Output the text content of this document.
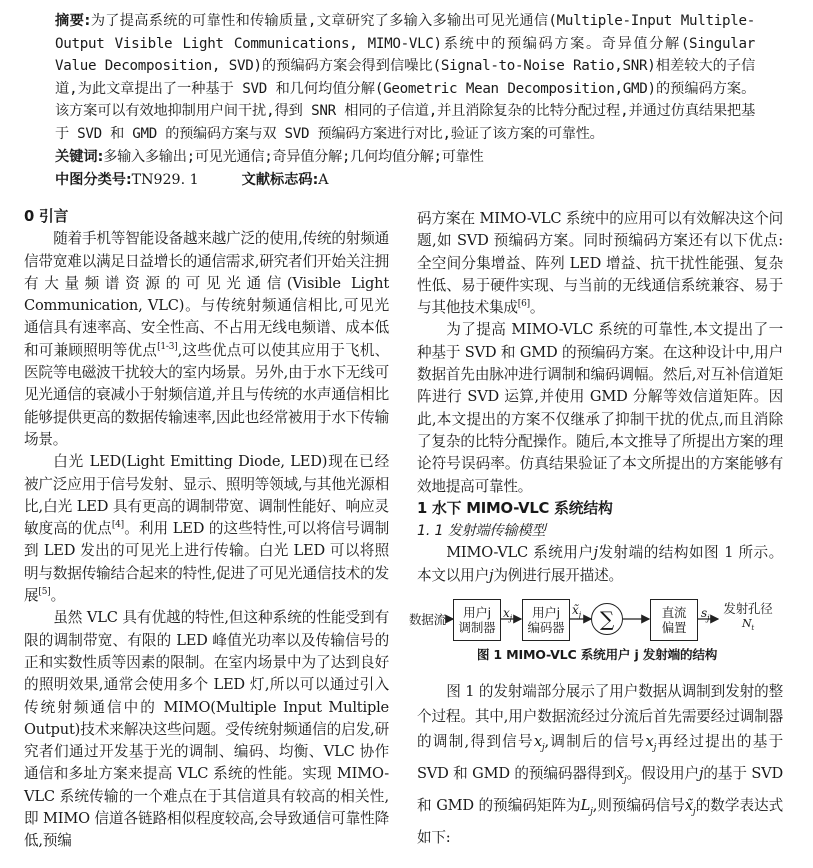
摘要:为了提高系统的可靠性和传输质量,文章研究了多输入多输出可见光通信(Multiple-Input Multiple-Output Visible Light Communications, MIMO-VLC)系统中的预编码方案。奇异值分解(Singular Value Decomposition, SVD)的预编码方案会得到信噪比(Signal-to-Noise Ratio,SNR)相差较大的子信道,为此文章提出了一种基于 SVD 和几何均值分解(Geometric Mean Decomposition,GMD)的预编码方案。该方案可以有效地抑制用户间干扰,得到 SNR 相同的子信道,并且消除复杂的比特分配过程,并通过仿真结果把基于 SVD 和 GMD 的预编码方案与双 SVD 预编码方案进行对比,验证了该方案的可靠性。
关键词:多输入多输出;可见光通信;奇异值分解;几何均值分解;可靠性
中图分类号:TN929. 1	文献标志码:A

0 引言

随着手机等智能设备越来越广泛的使用,传统的射频通信带宽难以满足日益增长的通信需求,研究者们开始关注拥有大量频谱资源的可见光通信(Visible Light Communication, VLC)。与传统射频通信相比,可见光通信具有速率高、安全性高、不占用无线电频谱、成本低和可兼顾照明等优点[1-3],这些优点可以使其应用于飞机、医院等电磁波干扰较大的室内场景。另外,由于水下无线可见光通信的衰减小于射频信道,并且与传统的水声通信相比能够提供更高的数据传输速率,因此也经常被用于水下传输场景。

白光 LED(Light Emitting Diode, LED)现在已经被广泛应用于信号发射、显示、照明等领域,与其他光源相比,白光 LED 具有更高的调制带宽、调制性能好、响应灵敏度高的优点[4]。利用 LED 的这些特性,可以将信号调制到 LED 发出的可见光上进行传输。白光 LED 可以将照明与数据传输结合起来的特性,促进了可见光通信技术的发展[5]。

虽然 VLC 具有优越的特性,但这种系统的性能受到有限的调制带宽、有限的 LED 峰值光功率以及传输信号的正和实数性质等因素的限制。在室内场景中为了达到良好的照明效果,通常会使用多个 LED 灯,所以可以通过引入传统射频通信中的 MIMO(Multiple Input Multiple Output)技术来解决这些问题。受传统射频通信的启发,研究者们通过开发基于光的调制、编码、均衡、VLC 协作通信和多址方案来提高 VLC 系统的性能。实现 MIMO-VLC 系统传输的一个难点在于其信道具有较高的相关性,即 MIMO 信道各链路相似程度较高,会导致通信可靠性降低,预编

码方案在 MIMO-VLC 系统中的应用可以有效解决这个问题,如 SVD 预编码方案。同时预编码方案还有以下优点:全空间分集增益、阵列 LED 增益、抗干扰性能强、复杂性低、易于硬件实现、与当前的无线通信系统兼容、易于与其他技术集成[6]。

为了提高 MIMO-VLC 系统的可靠性,本文提出了一种基于 SVD 和 GMD 的预编码方案。在这种设计中,用户数据首先由脉冲进行调制和编码调幅。然后,对互补信道矩阵进行 SVD 运算,并使用 GMD 分解等效信道矩阵。因此,本文提出的方案不仅继承了抑制干扰的优点,而且消除了复杂的比特分配操作。随后,本文推导了所提出方案的理论符号误码率。仿真结果验证了本文所提出的方案能够有效地提高可靠性。

1 水下 MIMO-VLC 系统结构

1. 1 发射端传输模型

MIMO-VLC 系统用户j发射端的结构如图 1 所示。本文以用户j为例进行展开描述。

数据流	用户j
调制器
$x_j$	用户j
编码器
$x̃_j$ ∑	直流
偏置
$s_j$
发射孔径
$N_t$
图 1 MIMO-VLC 系统用户 j 发射端的结构

图 1 的发射端部分展示了用户数据从调制到发射的整个过程。其中,用户数据流经过分流后首先需要经过调制器的调制,得到信号$x_j$,调制后的信号$x_j$再经过提出的基于 SVD 和 GMD 的预编码器得到$x̃_j$。假设用户j的基于 SVD 和 GMD 的预编码矩阵为$L_j$,则预编码信号$x̃_j$的数学表达式如下:
